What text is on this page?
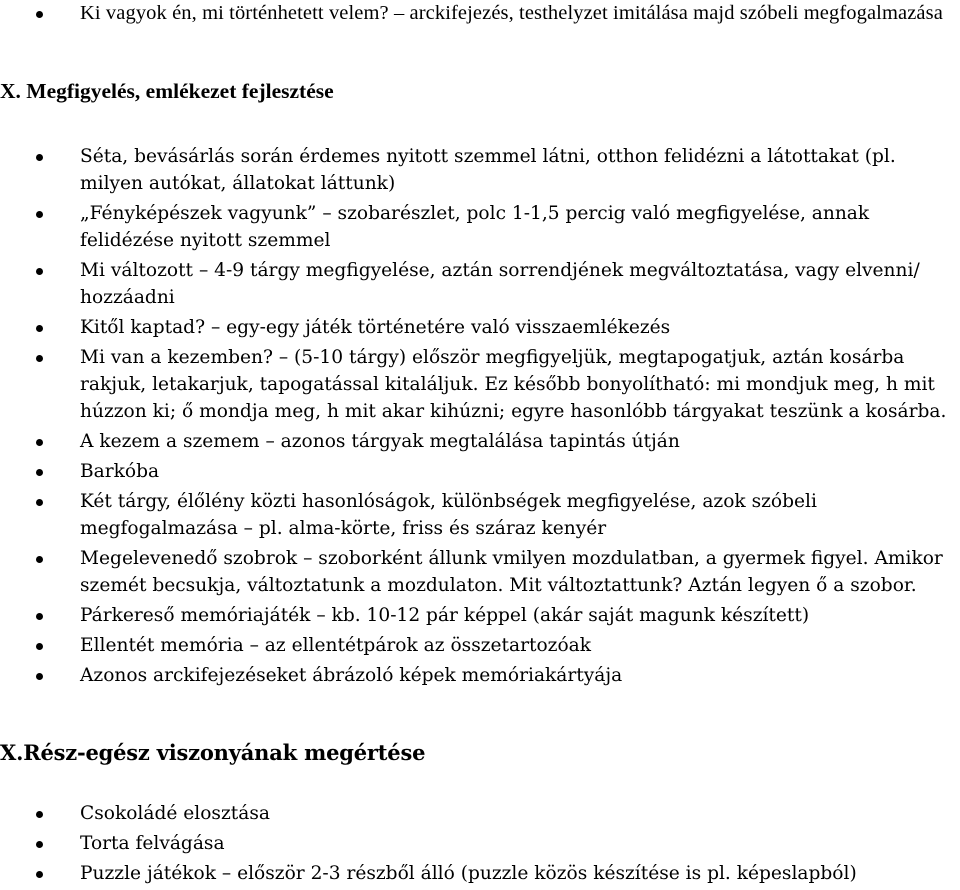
Ki vagyok én, mi történhetett velem? – arckifejezés, testhelyzet imitálása majd szóbeli megfogalmazása
X. Megfigyelés, emlékezet fejlesztése
Séta, bevásárlás során érdemes nyitott szemmel látni, otthon felidézni a látottakat (pl. milyen autókat, állatokat láttunk)
„Fényképészek vagyunk” – szobarészlet, polc 1-1,5 percig való megfigyelése, annak felidézése nyitott szemmel
Mi változott – 4-9 tárgy megfigyelése, aztán sorrendjének megváltoztatása, vagy elvenni/ hozzáadni
Kitől kaptad? – egy-egy játék történetére való visszaemlékezés
Mi van a kezemben? – (5-10 tárgy) először megfigyeljük, megtapogatjuk, aztán kosárba rakjuk, letakarjuk, tapogatással kitaláljuk. Ez később bonyolítható: mi mondjuk meg, h mit húzzon ki; ő mondja meg, h mit akar kihúzni; egyre hasonlóbb tárgyakat teszünk a kosárba.
A kezem a szemem – azonos tárgyak megtalálása tapintás útján
Barkóba
Két tárgy, élőlény közti hasonlóságok, különbségek megfigyelése, azok szóbeli megfogalmazása – pl. alma-körte, friss és száraz kenyér
Megelevenedő szobrok – szoborként állunk vmilyen mozdulatban, a gyermek figyel. Amikor szemét becsukja, változtatunk a mozdulaton. Mit változtattunk? Aztán legyen ő a szobor.
Párkereső memóriajáték – kb. 10-12 pár képpel (akár saját magunk készített)
Ellentét memória – az ellentétpárok az összetartozóak
Azonos arckifejezéseket ábrázoló képek memóriakártyája
X.Rész-egész viszonyának megértése
Csokoládé elosztása
Torta felvágása
Puzzle játékok – először 2-3 részből álló (puzzle közös készítése is pl. képeslapból)
